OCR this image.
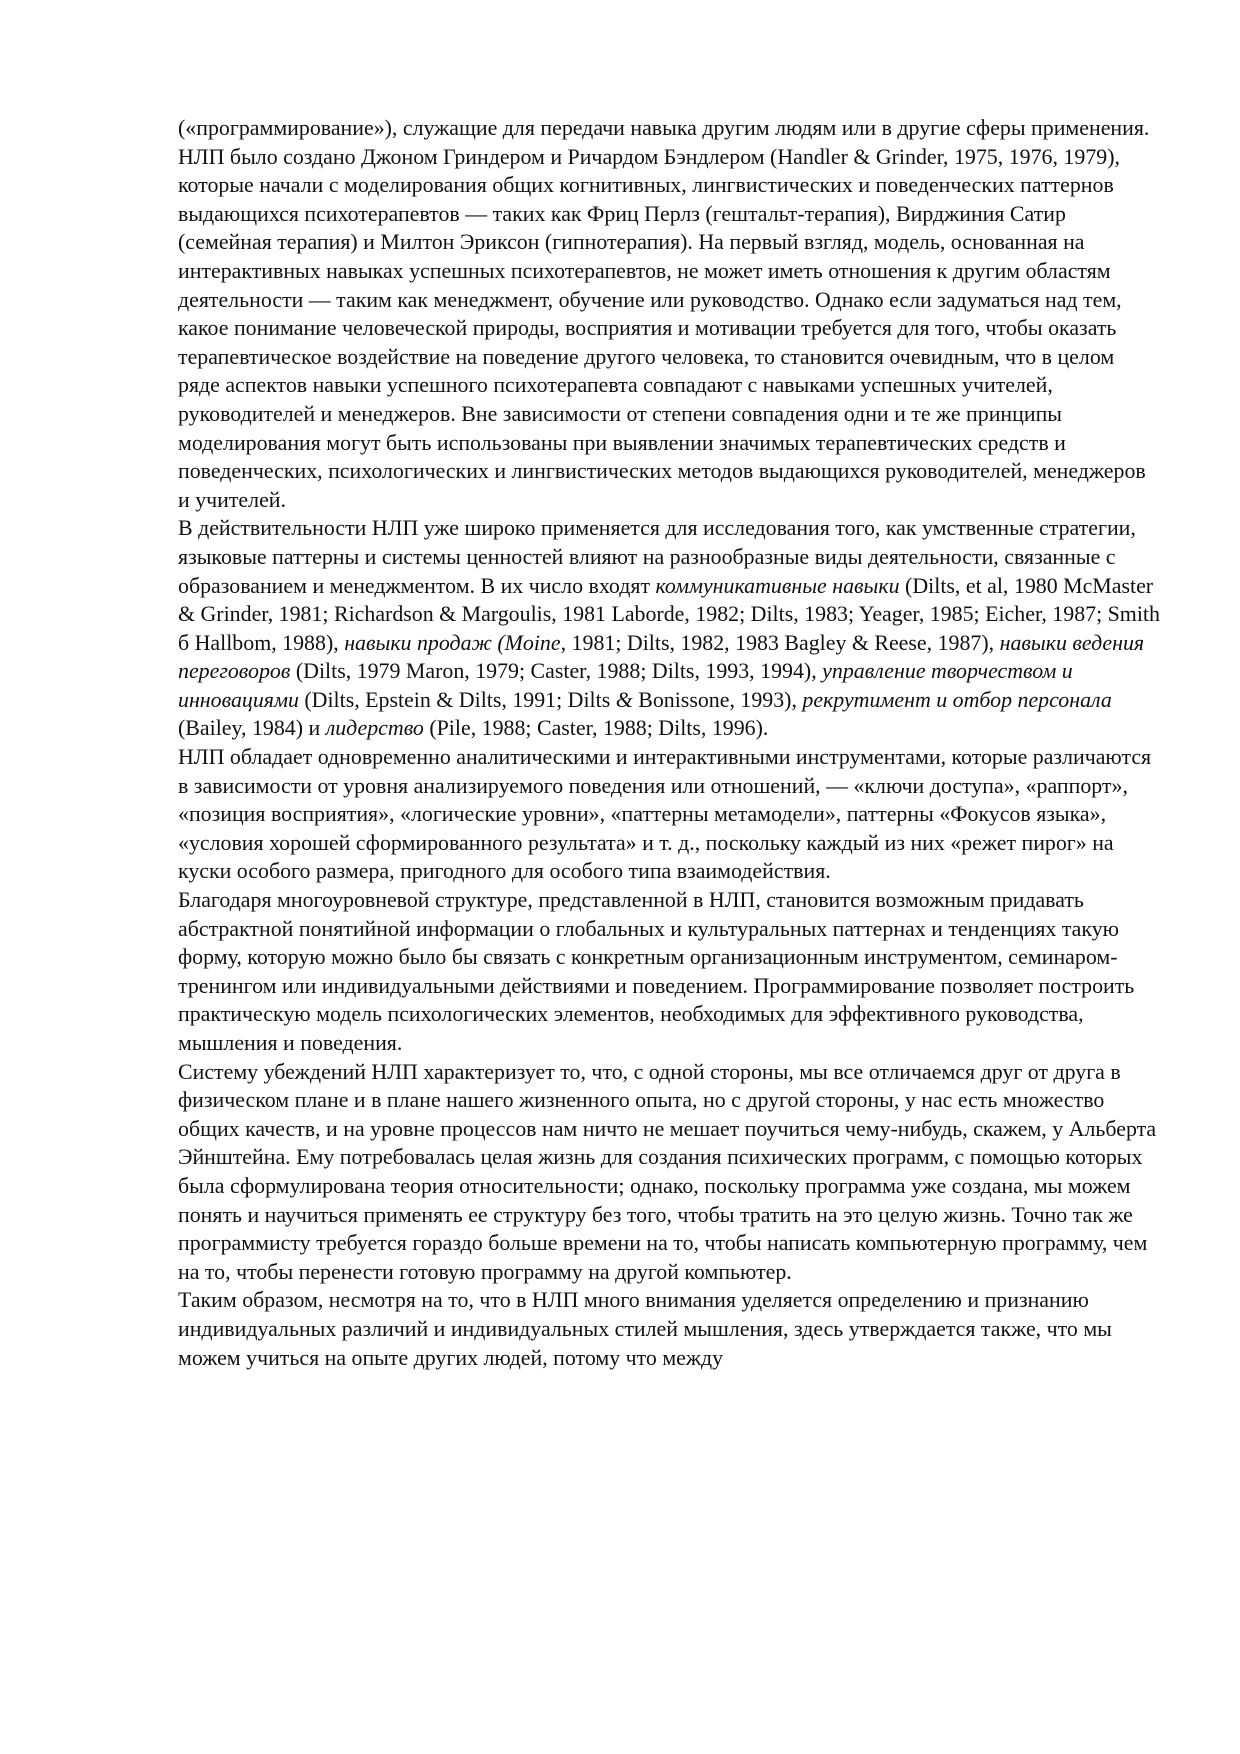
(«программирование»), служащие для передачи навыка другим людям или в другие сферы применения.

НЛП было создано Джоном Гриндером и Ричардом Бэндлером (Handler & Grinder, 1975, 1976, 1979), которые начали с моделирования общих когнитивных, лингвистических и поведенческих паттернов выдающихся психотерапевтов — таких как Фриц Перлз (гештальт-терапия), Вирджиния Сатир (семейная терапия) и Милтон Эриксон (гипнотерапия). На первый взгляд, модель, основанная на интерактивных навыках успешных психотерапевтов, не может иметь отношения к другим областям деятельности — таким как менеджмент, обучение или руководство. Однако если задуматься над тем, какое понимание человеческой природы, восприятия и мотивации требуется для того, чтобы оказать терапевтическое воздействие на поведение другого человека, то становится очевидным, что в целом ряде аспектов навыки успешного психотерапевта совпадают с навыками успешных учителей, руководителей и менеджеров. Вне зависимости от степени совпадения одни и те же принципы моделирования могут быть использованы при выявлении значимых терапевтических средств и поведенческих, психологических и лингвистических методов выдающихся руководителей, менеджеров и учителей.

В действительности НЛП уже широко применяется для исследования того, как умственные стратегии, языковые паттерны и системы ценностей влияют на разнообразные виды деятельности, связанные с образованием и менеджментом. В их число входят коммуникативные навыки (Dilts, et al, 1980 McMaster & Grinder, 1981; Richardson & Margoulis, 1981 Laborde, 1982; Dilts, 1983; Yeager, 1985; Eicher, 1987; Smith б Hallbom, 1988), навыки продаж (Moine, 1981; Dilts, 1982, 1983 Bagley & Reese, 1987), навыки ведения переговоров (Dilts, 1979 Maron, 1979; Caster, 1988; Dilts, 1993, 1994), управление творчеством и инновациями (Dilts, Epstein & Dilts, 1991; Dilts & Bonissone, 1993), рекрутимент и отбор персонала (Bailey, 1984) и лидерство (Pile, 1988; Caster, 1988; Dilts, 1996).

НЛП обладает одновременно аналитическими и интерактивными инструментами, которые различаются в зависимости от уровня анализируемого поведения или отношений, — «ключи доступа», «раппорт», «позиция восприятия», «логические уровни», «паттерны метамодели», паттерны «Фокусов языка», «условия хорошей сформированного результата» и т. д., поскольку каждый из них «режет пирог» на куски особого размера, пригодного для особого типа взаимодействия.

Благодаря многоуровневой структуре, представленной в НЛП, становится возможным придавать абстрактной понятийной информации о глобальных и культуральных паттернах и тенденциях такую форму, которую можно было бы связать с конкретным организационным инструментом, семинаром-тренингом или индивидуальными действиями и поведением. Программирование позволяет построить практическую модель психологических элементов, необходимых для эффективного руководства, мышления и поведения.

Систему убеждений НЛП характеризует то, что, с одной стороны, мы все отличаемся друг от друга в физическом плане и в плане нашего жизненного опыта, но с другой стороны, у нас есть множество общих качеств, и на уровне процессов нам ничто не мешает поучиться чему-нибудь, скажем, у Альберта Эйнштейна. Ему потребовалась целая жизнь для создания психических программ, с помощью которых была сформулирована теория относительности; однако, поскольку программа уже создана, мы можем понять и научиться применять ее структуру без того, чтобы тратить на это целую жизнь. Точно так же программисту требуется гораздо больше времени на то, чтобы написать компьютерную программу, чем на то, чтобы перенести готовую программу на другой компьютер.

Таким образом, несмотря на то, что в НЛП много внимания уделяется определению и признанию индивидуальных различий и индивидуальных стилей мышления, здесь утверждается также, что мы можем учиться на опыте других людей, потому что между
